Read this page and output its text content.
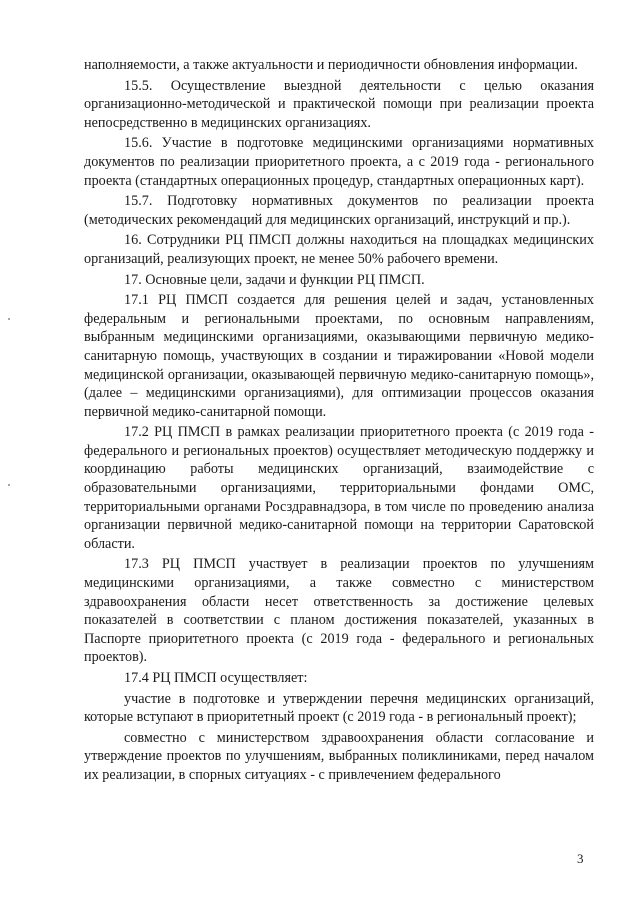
наполняемости, а также актуальности и периодичности обновления информации.

15.5. Осуществление выездной деятельности с целью оказания организационно-методической и практической помощи при реализации проекта непосредственно в медицинских организациях.

15.6. Участие в подготовке медицинскими организациями нормативных документов по реализации приоритетного проекта, а с 2019 года - регионального проекта (стандартных операционных процедур, стандартных операционных карт).

15.7. Подготовку нормативных документов по реализации проекта (методических рекомендаций для медицинских организаций, инструкций и пр.).

16. Сотрудники РЦ ПМСП должны находиться на площадках медицинских организаций, реализующих проект, не менее 50% рабочего времени.

17. Основные цели, задачи и функции РЦ ПМСП.

17.1 РЦ ПМСП создается для решения целей и задач, установленных федеральным и региональными проектами, по основным направлениям, выбранным медицинскими организациями, оказывающими первичную медико-санитарную помощь, участвующих в создании и тиражировании «Новой модели медицинской организации, оказывающей первичную медико-санитарную помощь», (далее – медицинскими организациями), для оптимизации процессов оказания первичной медико-санитарной помощи.

17.2 РЦ ПМСП в рамках реализации приоритетного проекта (с 2019 года - федерального и региональных проектов) осуществляет методическую поддержку и координацию работы медицинских организаций, взаимодействие с образовательными организациями, территориальными фондами ОМС, территориальными органами Росздравнадзора, в том числе по проведению анализа организации первичной медико-санитарной помощи на территории Саратовской области.

17.3 РЦ ПМСП участвует в реализации проектов по улучшениям медицинскими организациями, а также совместно с министерством здравоохранения области несет ответственность за достижение целевых показателей в соответствии с планом достижения показателей, указанных в Паспорте приоритетного проекта (с 2019 года - федерального и региональных проектов).

17.4 РЦ ПМСП осуществляет:

участие в подготовке и утверждении перечня медицинских организаций, которые вступают в приоритетный проект (с 2019 года - в региональный проект);

совместно с министерством здравоохранения области согласование и утверждение проектов по улучшениям, выбранных поликлиниками, перед началом их реализации, в спорных ситуациях - с привлечением федерального

3
